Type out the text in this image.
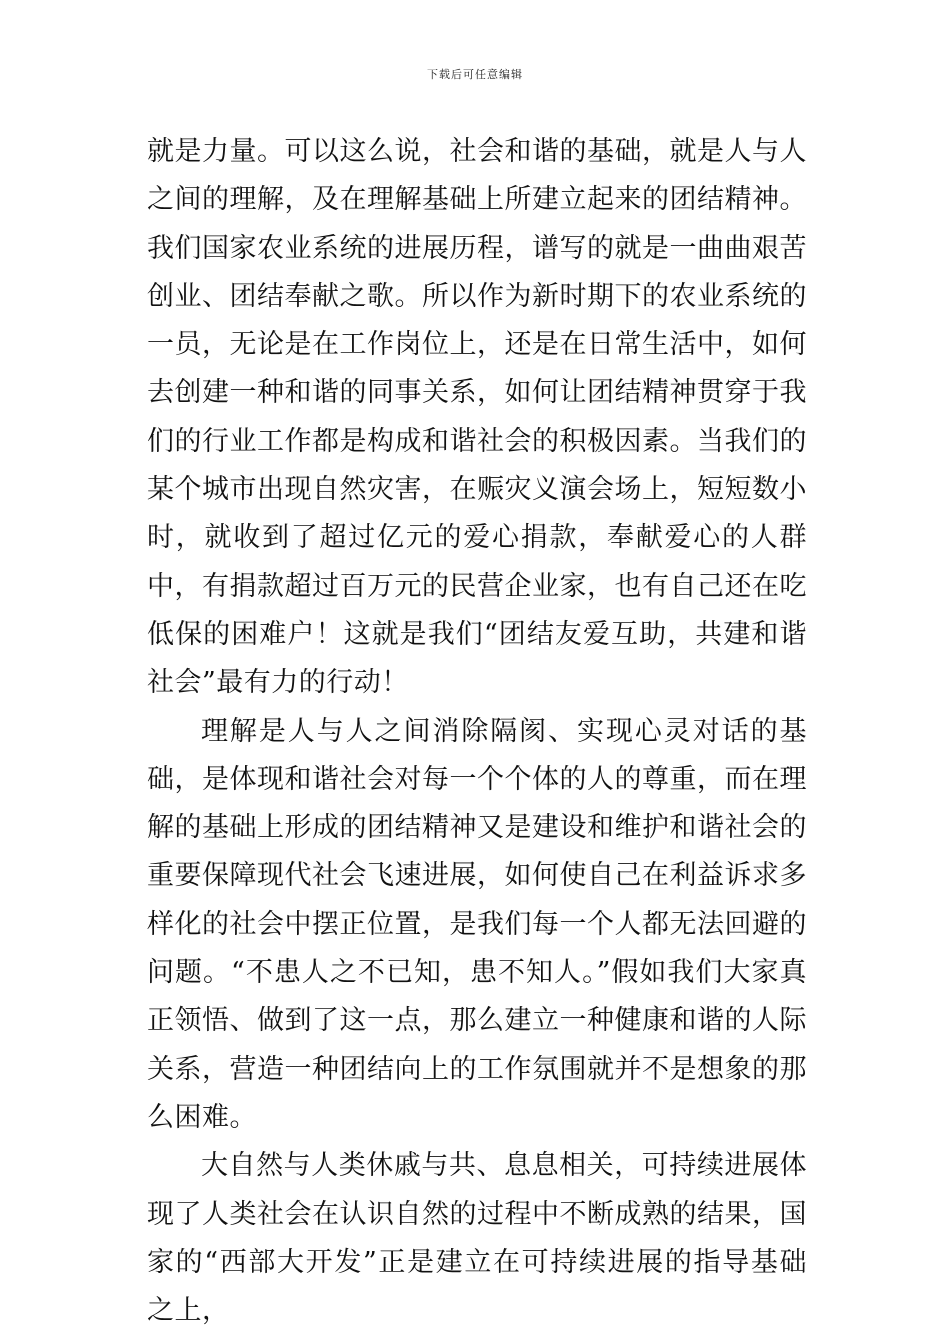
下载后可任意编辑

就是力量。可以这么说，社会和谐的基础，就是人与人之间的理解，及在理解基础上所建立起来的团结精神。我们国家农业系统的进展历程，谱写的就是一曲曲艰苦创业、团结奉献之歌。所以作为新时期下的农业系统的一员，无论是在工作岗位上，还是在日常生活中，如何去创建一种和谐的同事关系，如何让团结精神贯穿于我们的行业工作都是构成和谐社会的积极因素。当我们的某个城市出现自然灾害，在赈灾义演会场上，短短数小时，就收到了超过亿元的爱心捐款，奉献爱心的人群中，有捐款超过百万元的民营企业家，也有自己还在吃低保的困难户！这就是我们“团结友爱互助，共建和谐社会”最有力的行动！

理解是人与人之间消除隔阂、实现心灵对话的基础，是体现和谐社会对每一个个体的人的尊重，而在理解的基础上形成的团结精神又是建设和维护和谐社会的重要保障现代社会飞速进展，如何使自己在利益诉求多样化的社会中摆正位置，是我们每一个人都无法回避的问题。“不患人之不已知，患不知人。”假如我们大家真正领悟、做到了这一点，那么建立一种健康和谐的人际关系，营造一种团结向上的工作氛围就并不是想象的那么困难。

大自然与人类休戚与共、息息相关，可持续进展体现了人类社会在认识自然的过程中不断成熟的结果，国家的“西部大开发”正是建立在可持续进展的指导基础之上，
